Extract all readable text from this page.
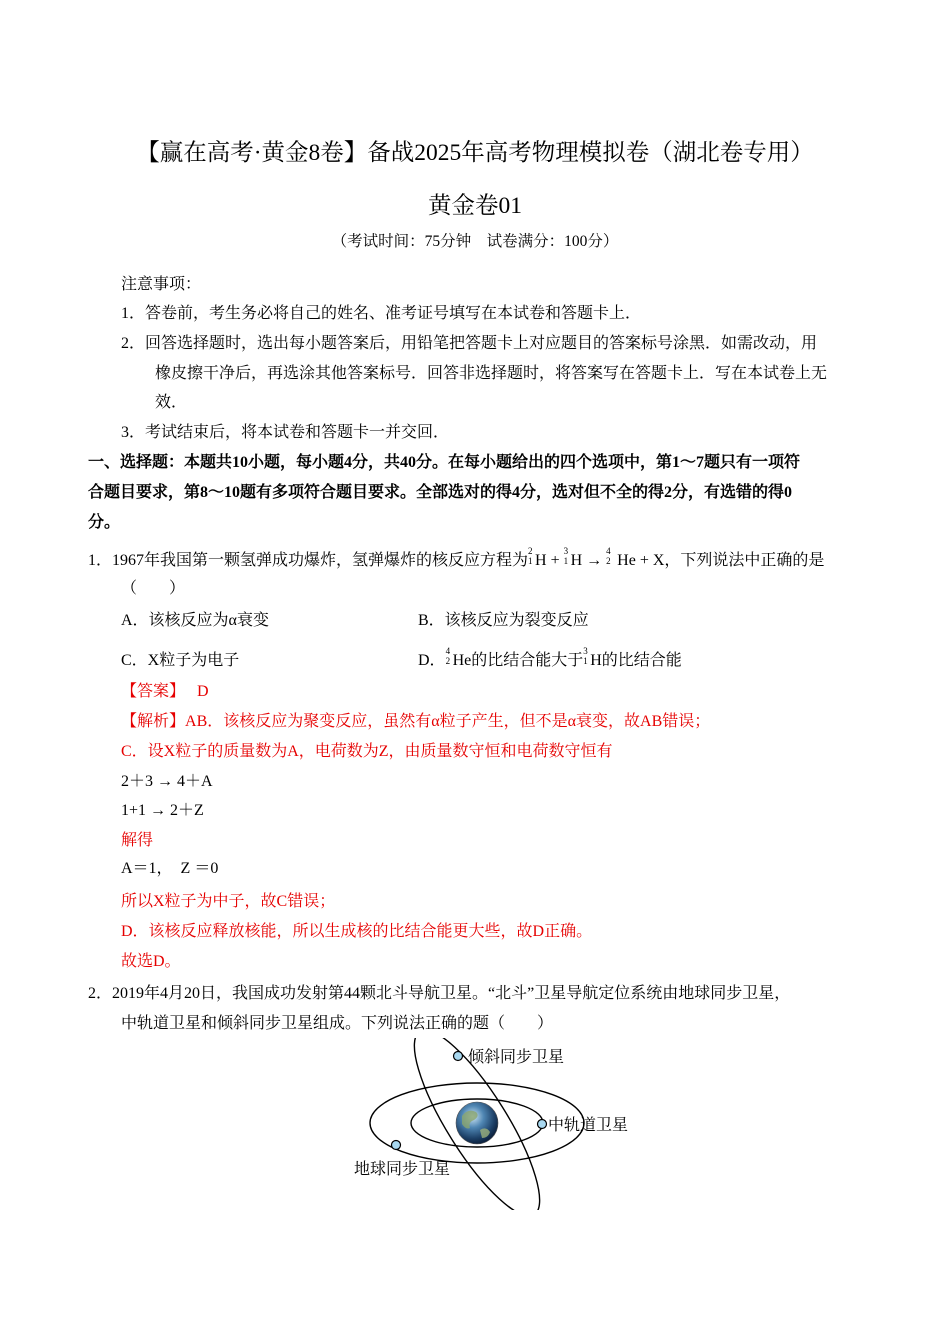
【赢在高考·黄金8卷】备战2025年高考物理模拟卷（湖北卷专用）
黄金卷01
（考试时间：75分钟　试卷满分：100分）
注意事项：
1．答卷前，考生务必将自己的姓名、准考证号填写在本试卷和答题卡上．
2．回答选择题时，选出每小题答案后，用铅笔把答题卡上对应题目的答案标号涂黑．如需改动，用
橡皮擦干净后，再选涂其他答案标号．回答非选择题时，将答案写在答题卡上．写在本试卷上无
效．
3．考试结束后，将本试卷和答题卡一并交回．
一、选择题：本题共10小题，每小题4分，共40分。在每小题给出的四个选项中，第1～7题只有一项符
合题目要求，第8～10题有多项符合题目要求。全部选对的得4分，选对但不全的得2分，有选错的得0
分。
1．1967年我国第一颗氢弹成功爆炸，氢弹爆炸的核反应方程为
2
1 H +
3
1 H →
4
2 He + X，下列说法中正确的是
（　　）
A．该核反应为α衰变	B．该核反应为裂变反应
C．X粒子为电子	D．
4
2 He的比结合能大于
3
1 H的比结合能
【答案】 D
【解析】AB．该核反应为聚变反应，虽然有α粒子产生，但不是α衰变，故AB错误；
C．设X粒子的质量数为A，电荷数为Z，由质量数守恒和电荷数守恒有
2＋3 → 4＋A
1+1 → 2＋Z
解得
A＝1，　Z ＝0
所以X粒子为中子，故C错误；
D．该核反应释放核能，所以生成核的比结合能更大些，故D正确。
故选D。
2．2019年4月20日，我国成功发射第44颗北斗导航卫星。“北斗”卫星导航定位系统由地球同步卫星，
中轨道卫星和倾斜同步卫星组成。下列说法正确的题（　　）
倾斜同步卫星
中轨道卫星
地球同步卫星
